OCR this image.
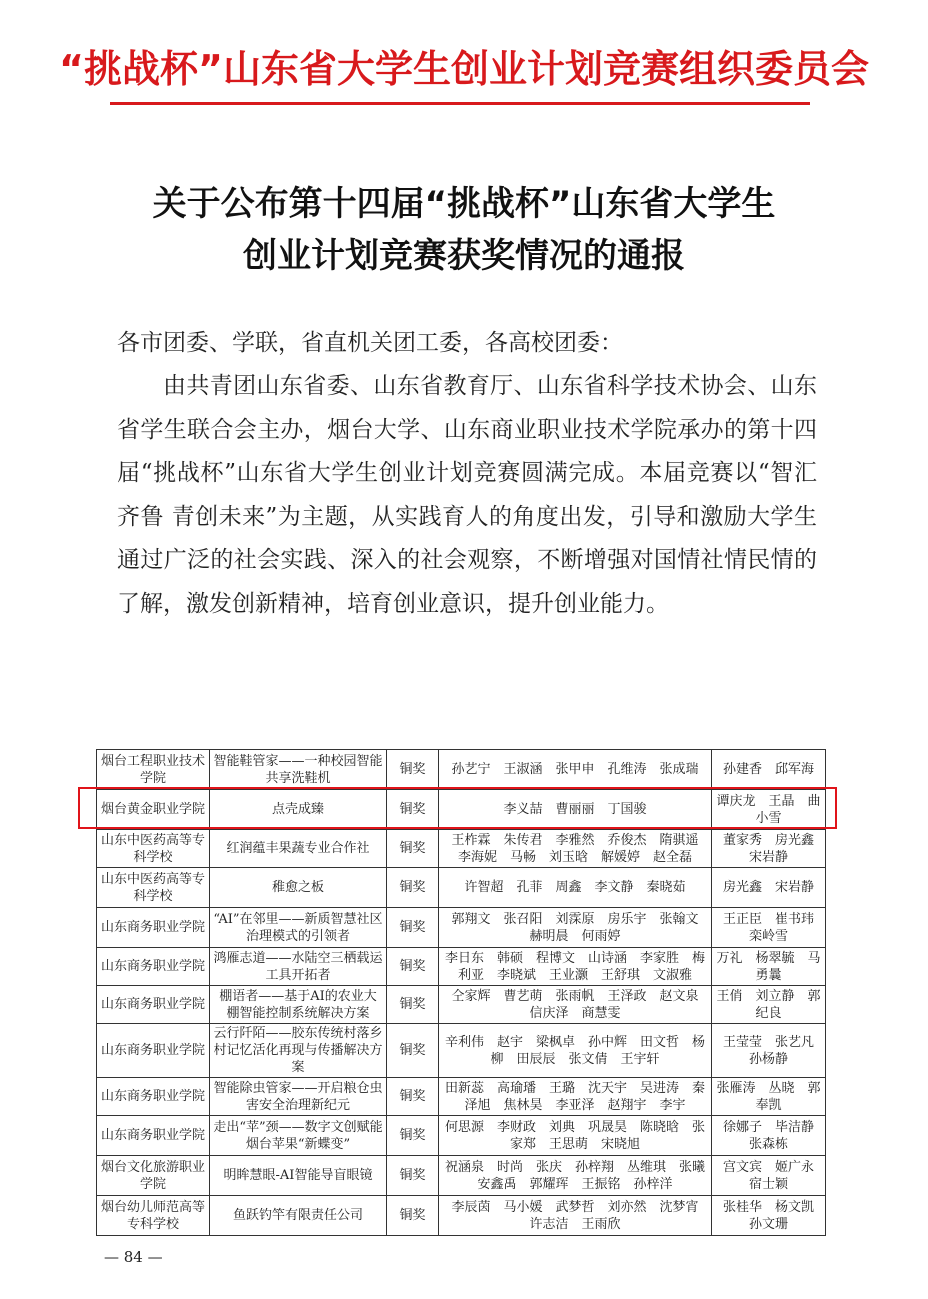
“挑战杯”山东省大学生创业计划竞赛组织委员会
关于公布第十四届“挑战杯”山东省大学生
创业计划竞赛获奖情况的通报
各市团委、学联，省直机关团工委，各高校团委：
由共青团山东省委、山东省教育厅、山东省科学技术协会、山东省学生联合会主办，烟台大学、山东商业职业技术学院承办的第十四届“挑战杯”山东省大学生创业计划竞赛圆满完成。本届竞赛以“智汇齐鲁 青创未来”为主题，从实践育人的角度出发，引导和激励大学生通过广泛的社会实践、深入的社会观察，不断增强对国情社情民情的了解，激发创新精神，培育创业意识，提升创业能力。
烟台工程职业技术学院	智能鞋管家——一种校园智能共享洗鞋机	铜奖	孙艺宁　王淑涵　张甲申　孔维涛　张成瑞	孙建香　邱军海
烟台黄金职业学院	点壳成臻	铜奖	李义喆　曹丽丽　丁国骏	谭庆龙　王晶　曲小雪
山东中医药高等专科学校	红润蕴丰果蔬专业合作社	铜奖	王柞霖　朱传君　李雅然　乔俊杰　隋骐遥　李海妮　马畅　刘玉晗　解媛婷　赵全磊	董家秀　房光鑫　宋岩静
山东中医药高等专科学校	稚愈之板	铜奖	许智超　孔菲　周鑫　李文静　秦晓茹	房光鑫　宋岩静
山东商务职业学院	“AI”在邻里——新质智慧社区治理模式的引领者	铜奖	郭翔文　张召阳　刘霂原　房乐宇　张翰文　赫明晨　何雨婷	王正臣　崔书玮　栾岭雪
山东商务职业学院	鸿雁志道——水陆空三栖载运工具开拓者	铜奖	李日东　韩硕　程博文　山诗涵　李家胜　梅利亚　李晓斌　王业灏　王舒琪　文淑雅	万礼　杨翠毓　马勇曩
山东商务职业学院	棚语者——基于AI的农业大棚智能控制系统解决方案	铜奖	仝家辉　曹艺萌　张雨帆　王泽政　赵文泉　信庆泽　商慧雯	王俏　刘立静　郭纪良
山东商务职业学院	云行阡陌——胶东传统村落乡村记忆活化再现与传播解决方案	铜奖	辛利伟　赵宇　梁枫卓　孙中辉　田文哲　杨柳　田辰辰　张文倩　王宇轩	王莹莹　张艺凡　孙杨静
山东商务职业学院	智能除虫管家——开启粮仓虫害安全治理新纪元	铜奖	田新蕊　高瑜璠　王璐　沈天宇　吴进涛　秦泽旭　焦林昊　李亚泽　赵翔宇　李宇	张雁涛　丛晓　郭奉凯
山东商务职业学院	走出“苹”颈——数字文创赋能烟台苹果“新蝶变”	铜奖	何思源　李财政　刘典　巩晟昊　陈晓晗　张家郑　王思萌　宋晓旭	徐娜子　毕洁静　张森栋
烟台文化旅游职业学院	明眸慧眼-AI智能导盲眼镜	铜奖	祝涵泉　时尚　张庆　孙梓翔　丛维琪　张曦　安鑫禹　郭耀珲　王振铭　孙梓洋	宫文宾　姬广永　宿士颖
烟台幼儿师范高等专科学校	鱼跃钓竿有限责任公司	铜奖	李辰茵　马小媛　武梦哲　刘亦然　沈梦宵　许志洁　王雨欣	张桂华　杨文凯　孙文珊
— 84 —
